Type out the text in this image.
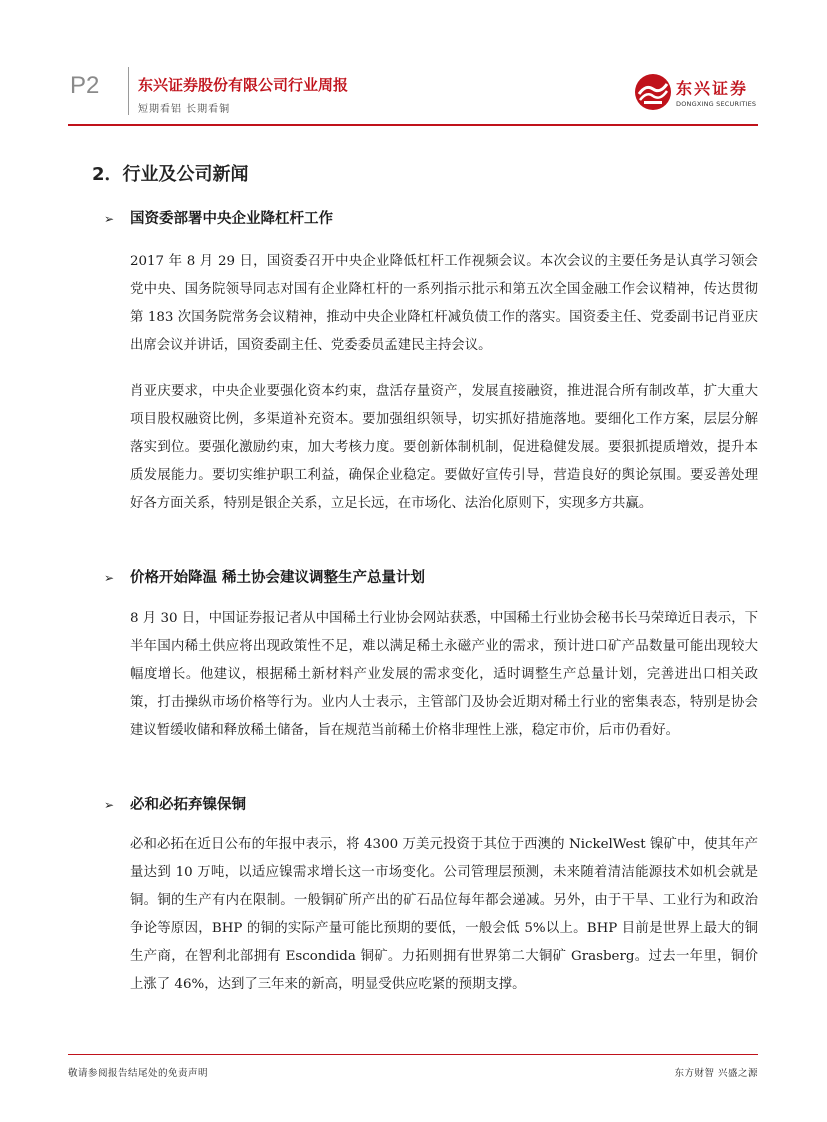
P2	东兴证券股份有限公司行业周报
短期看铝 长期看铜
东兴证券
DONGXING SECURITIES
2．行业及公司新闻
➢ 国资委部署中央企业降杠杆工作
2017 年 8 月 29 日，国资委召开中央企业降低杠杆工作视频会议。本次会议的主要任务是认真学习领会党中央、国务院领导同志对国有企业降杠杆的一系列指示批示和第五次全国金融工作会议精神，传达贯彻第 183 次国务院常务会议精神，推动中央企业降杠杆减负债工作的落实。国资委主任、党委副书记肖亚庆出席会议并讲话，国资委副主任、党委委员孟建民主持会议。
肖亚庆要求，中央企业要强化资本约束，盘活存量资产，发展直接融资，推进混合所有制改革，扩大重大项目股权融资比例，多渠道补充资本。要加强组织领导，切实抓好措施落地。要细化工作方案，层层分解落实到位。要强化激励约束，加大考核力度。要创新体制机制，促进稳健发展。要狠抓提质增效，提升本质发展能力。要切实维护职工利益，确保企业稳定。要做好宣传引导，营造良好的舆论氛围。要妥善处理好各方面关系，特别是银企关系，立足长远，在市场化、法治化原则下，实现多方共赢。
➢ 价格开始降温 稀土协会建议调整生产总量计划
8 月 30 日，中国证券报记者从中国稀土行业协会网站获悉，中国稀土行业协会秘书长马荣璋近日表示，下半年国内稀土供应将出现政策性不足，难以满足稀土永磁产业的需求，预计进口矿产品数量可能出现较大幅度增长。他建议，根据稀土新材料产业发展的需求变化，适时调整生产总量计划，完善进出口相关政策，打击操纵市场价格等行为。业内人士表示，主管部门及协会近期对稀土行业的密集表态，特别是协会建议暂缓收储和释放稀土储备，旨在规范当前稀土价格非理性上涨，稳定市价，后市仍看好。
➢ 必和必拓弃镍保铜
必和必拓在近日公布的年报中表示，将 4300 万美元投资于其位于西澳的 NickelWest 镍矿中，使其年产量达到 10 万吨，以适应镍需求增长这一市场变化。公司管理层预测，未来随着清洁能源技术如机会就是铜。铜的生产有内在限制。一般铜矿所产出的矿石品位每年都会递减。另外，由于干旱、工业行为和政治争论等原因，BHP 的铜的实际产量可能比预期的要低，一般会低 5%以上。BHP 目前是世界上最大的铜生产商，在智利北部拥有 Escondida 铜矿。力拓则拥有世界第二大铜矿 Grasberg。过去一年里，铜价上涨了 46%，达到了三年来的新高，明显受供应吃紧的预期支撑。
敬请参阅报告结尾处的免责声明	东方财智 兴盛之源
